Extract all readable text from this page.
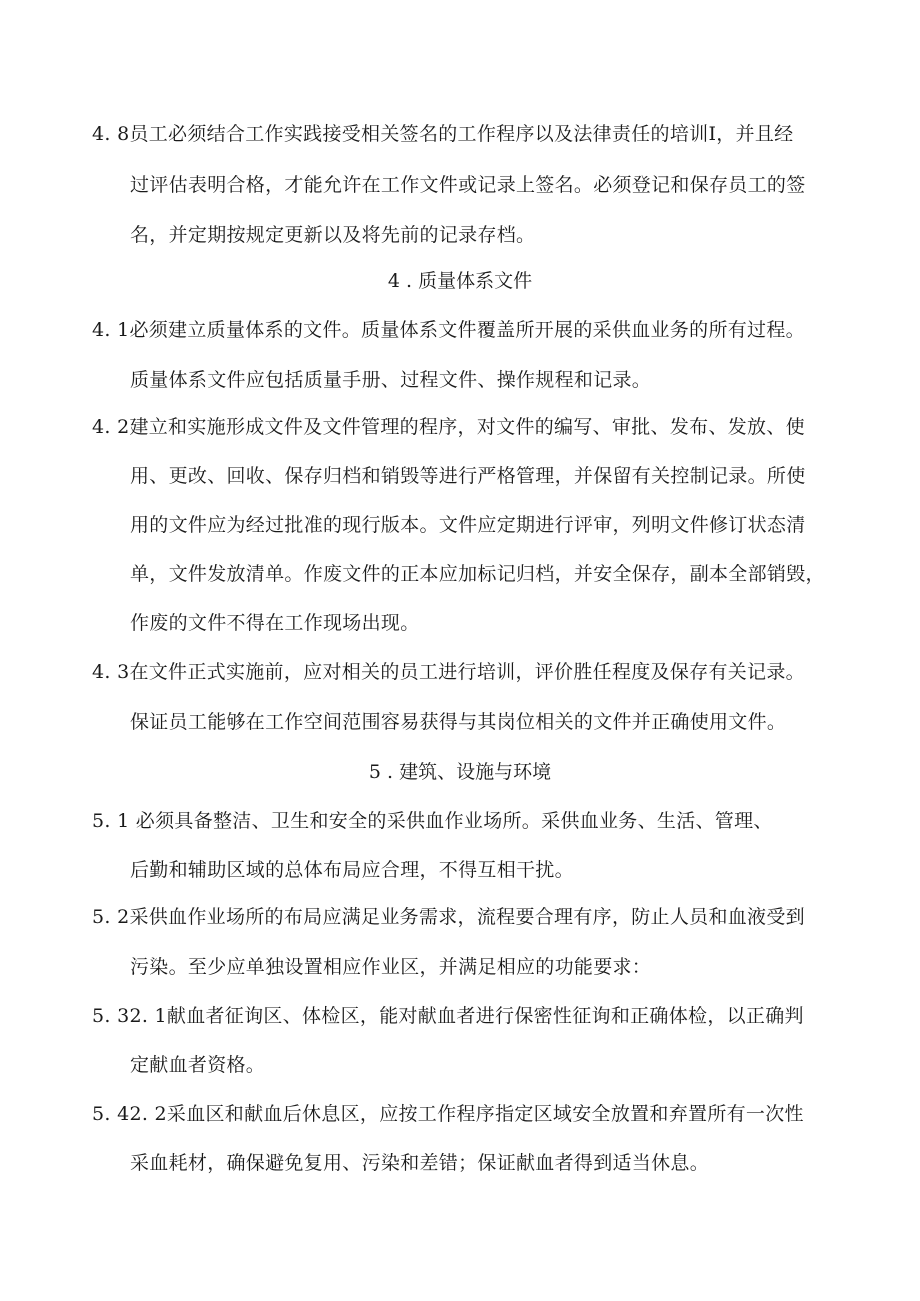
4. 8员工必须结合工作实践接受相关签名的工作程序以及法律责任的培训I，并且经
过评估表明合格，才能允许在工作文件或记录上签名。必须登记和保存员工的签
名，并定期按规定更新以及将先前的记录存档。
4 . 质量体系文件
4. 1必须建立质量体系的文件。质量体系文件覆盖所开展的采供血业务的所有过程。
质量体系文件应包括质量手册、过程文件、操作规程和记录。
4. 2建立和实施形成文件及文件管理的程序，对文件的编写、审批、发布、发放、使
用、更改、回收、保存归档和销毁等进行严格管理，并保留有关控制记录。所使
用的文件应为经过批准的现行版本。文件应定期进行评审，列明文件修订状态清
单，文件发放清单。作废文件的正本应加标记归档，并安全保存，副本全部销毁，
作废的文件不得在工作现场出现。
4. 3在文件正式实施前，应对相关的员工进行培训，评价胜任程度及保存有关记录。
保证员工能够在工作空间范围容易获得与其岗位相关的文件并正确使用文件。
5 . 建筑、设施与环境
5. 1 必须具备整洁、卫生和安全的采供血作业场所。采供血业务、生活、管理、
后勤和辅助区域的总体布局应合理，不得互相干扰。
5. 2采供血作业场所的布局应满足业务需求，流程要合理有序，防止人员和血液受到
污染。至少应单独设置相应作业区，并满足相应的功能要求：
5. 32. 1献血者征询区、体检区，能对献血者进行保密性征询和正确体检，以正确判
定献血者资格。
5. 42. 2采血区和献血后休息区，应按工作程序指定区域安全放置和弃置所有一次性
采血耗材，确保避免复用、污染和差错；保证献血者得到适当休息。
